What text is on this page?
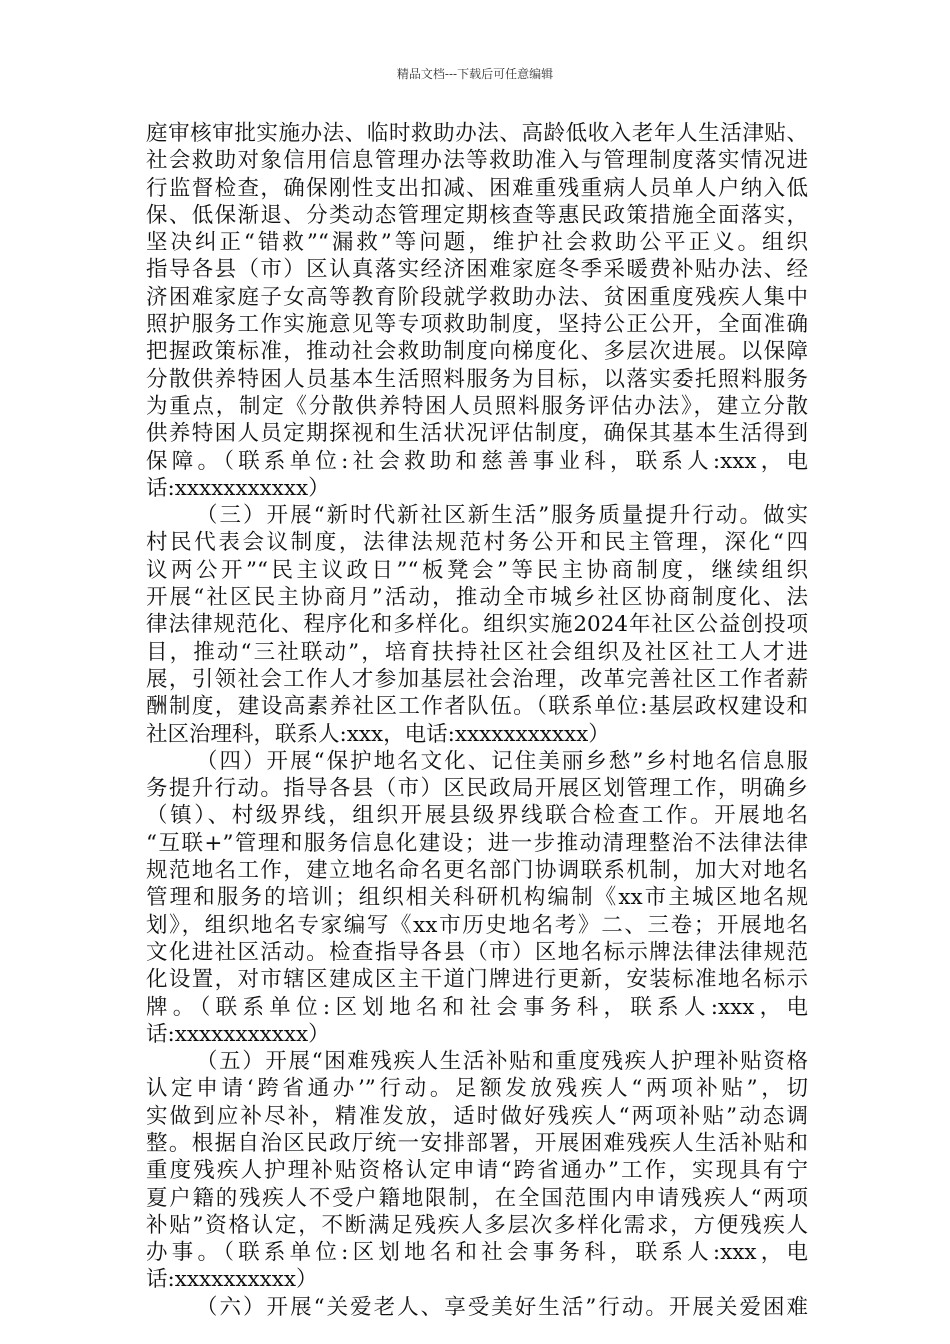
精品文档---下载后可任意编辑
庭审核审批实施办法、临时救助办法、高龄低收入老年人生活津贴、
社会救助对象信用信息管理办法等救助准入与管理制度落实情况进
行监督检查，确保刚性支出扣减、困难重残重病人员单人户纳入低
保、低保渐退、分类动态管理定期核查等惠民政策措施全面落实，
坚决纠正“错救”“漏救”等问题，维护社会救助公平正义。组织
指导各县（市）区认真落实经济困难家庭冬季采暖费补贴办法、经
济困难家庭子女高等教育阶段就学救助办法、贫困重度残疾人集中
照护服务工作实施意见等专项救助制度，坚持公正公开，全面准确
把握政策标准，推动社会救助制度向梯度化、多层次进展。以保障
分散供养特困人员基本生活照料服务为目标，以落实委托照料服务
为重点，制定《分散供养特困人员照料服务评估办法》，建立分散
供养特困人员定期探视和生活状况评估制度，确保其基本生活得到
保障。（联系单位:社会救助和慈善事业科，联系人:xxx，电
话:xxxxxxxxxxx）
（三）开展“新时代新社区新生活”服务质量提升行动。做实
村民代表会议制度，法律法规范村务公开和民主管理，深化“四
议两公开”“民主议政日”“板凳会”等民主协商制度，继续组织
开展“社区民主协商月”活动，推动全市城乡社区协商制度化、法
律法律规范化、程序化和多样化。组织实施2024年社区公益创投项
目，推动“三社联动”，培育扶持社区社会组织及社区社工人才进
展，引领社会工作人才参加基层社会治理，改革完善社区工作者薪
酬制度，建设高素养社区工作者队伍。（联系单位:基层政权建设和
社区治理科，联系人:xxx，电话:xxxxxxxxxxx）
（四）开展“保护地名文化、记住美丽乡愁”乡村地名信息服
务提升行动。指导各县（市）区民政局开展区划管理工作，明确乡
（镇）、村级界线，组织开展县级界线联合检查工作。开展地名
“互联+”管理和服务信息化建设；进一步推动清理整治不法律法律
规范地名工作，建立地名命名更名部门协调联系机制，加大对地名
管理和服务的培训；组织相关科研机构编制《xx市主城区地名规
划》，组织地名专家编写《xx市历史地名考》二、三卷；开展地名
文化进社区活动。检查指导各县（市）区地名标示牌法律法律规范
化设置，对市辖区建成区主干道门牌进行更新，安装标准地名标示
牌。（联系单位:区划地名和社会事务科，联系人:xxx，电
话:xxxxxxxxxxx）
（五）开展“困难残疾人生活补贴和重度残疾人护理补贴资格
认定申请‘跨省通办’”行动。足额发放残疾人“两项补贴”，切
实做到应补尽补，精准发放，适时做好残疾人“两项补贴”动态调
整。根据自治区民政厅统一安排部署，开展困难残疾人生活补贴和
重度残疾人护理补贴资格认定申请“跨省通办”工作，实现具有宁
夏户籍的残疾人不受户籍地限制，在全国范围内申请残疾人“两项
补贴”资格认定，不断满足残疾人多层次多样化需求，方便残疾人
办事。（联系单位:区划地名和社会事务科，联系人:xxx，电
话:xxxxxxxxxx）
（六）开展“关爱老人、享受美好生活”行动。开展关爱困难
